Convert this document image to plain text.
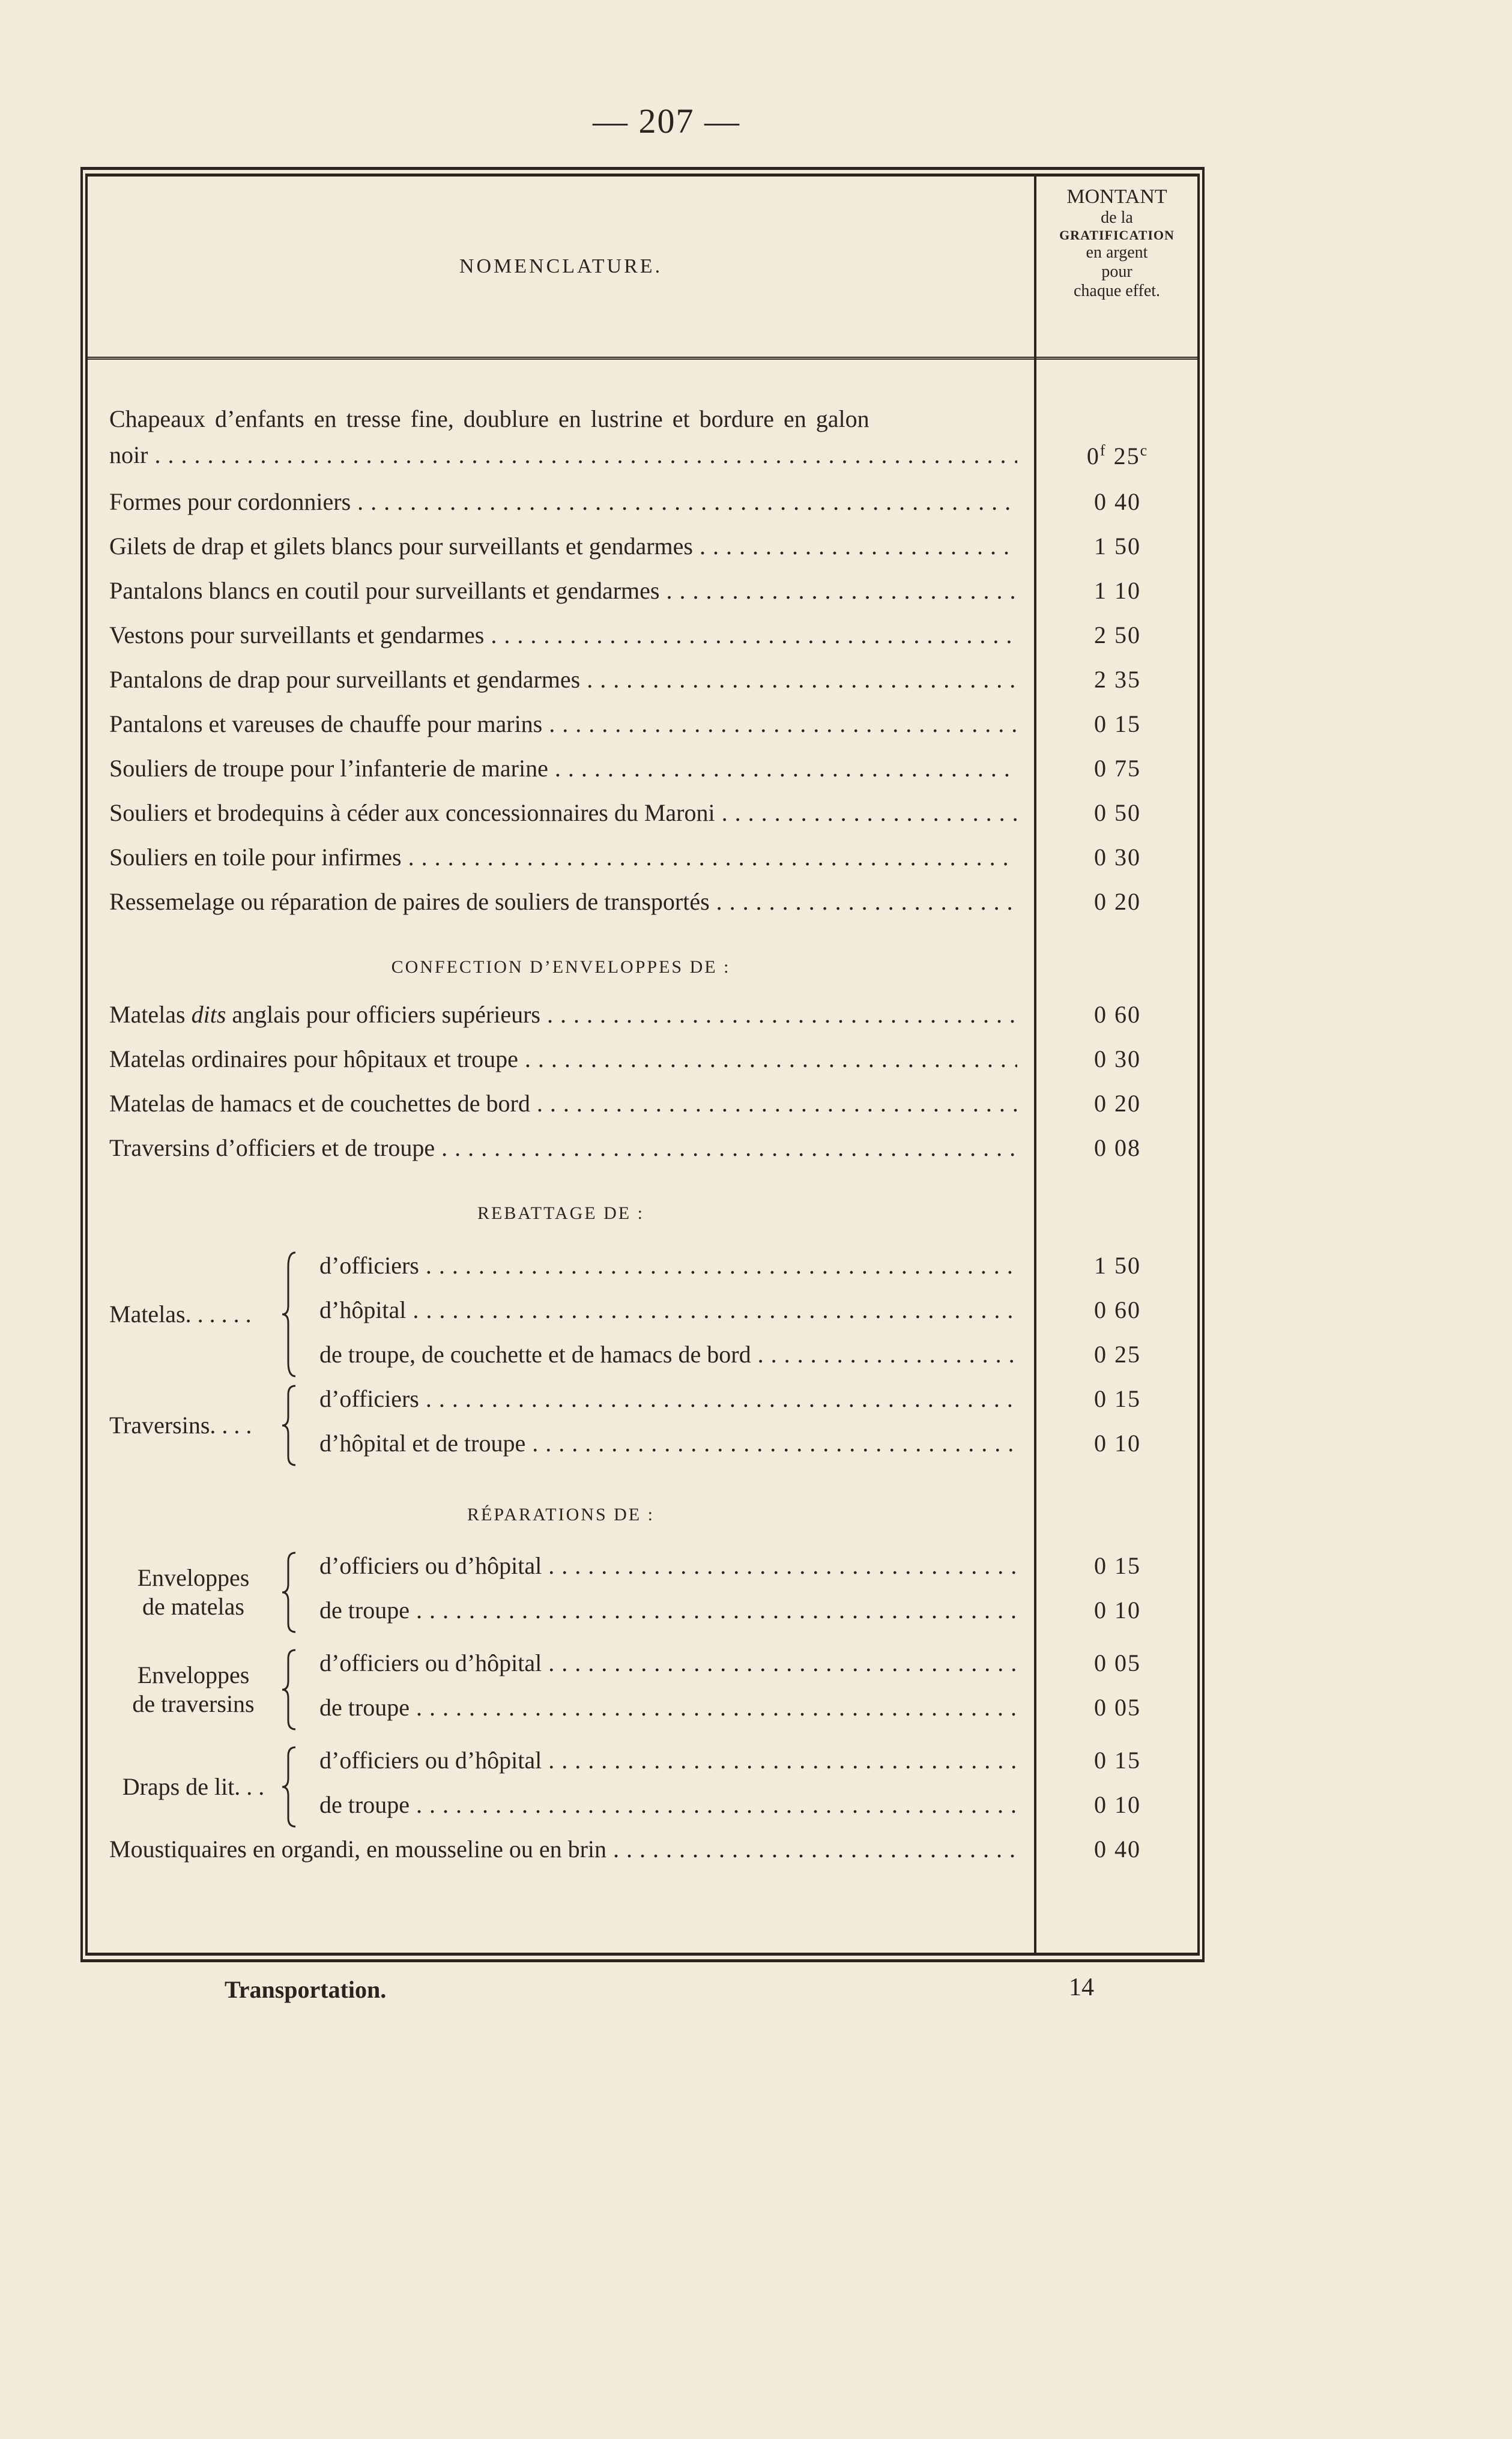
— 207 —
NOMENCLATURE.
MONTANT
de la
GRATIFICATION
en argent
pour
chaque effet.
Chapeaux d’enfants en tresse fine, doublure en lustrine et bordure en galon
noir . . .	0$^f$ 25$^c$
Formes pour cordonniers . . .	0 40
Gilets de drap et gilets blancs pour surveillants et gendarmes . . .	1 50
Pantalons blancs en coutil pour surveillants et gendarmes . . .	1 10
Vestons pour surveillants et gendarmes . . .	2 50
Pantalons de drap pour surveillants et gendarmes . . .	2 35
Pantalons et vareuses de chauffe pour marins . . .	0 15
Souliers de troupe pour l’infanterie de marine . . .	0 75
Souliers et brodequins à céder aux concessionnaires du Maroni . . .	0 50
Souliers en toile pour infirmes . . .	0 30
Ressemelage ou réparation de paires de souliers de transportés . . .	0 20
CONFECTION D’ENVELOPPES DE :
Matelas dits anglais pour officiers supérieurs . . .	0 60
Matelas ordinaires pour hôpitaux et troupe . . .	0 30
Matelas de hamacs et de couchettes de bord . . .	0 20
Traversins d’officiers et de troupe . . .	0 08
REBATTAGE DE :
d’officiers . . .	1 50
d’hôpital . . .	0 60
de troupe, de couchette et de hamacs de bord . . .	0 25
Matelas. . . . . .
d’officiers . . .	0 15
d’hôpital et de troupe . . .	0 10
Traversins. . . .
RÉPARATIONS DE :
d’officiers ou d’hôpital . . .	0 15
de troupe . . .	0 10
Enveloppes
de matelas
d’officiers ou d’hôpital . . .	0 05
de troupe . . .	0 05
Enveloppes
de traversins
d’officiers ou d’hôpital . . .	0 15
de troupe . . .	0 10
Draps de lit. . .
Moustiquaires en organdi, en mousseline ou en brin . . .	0 40
Transportation.	14
